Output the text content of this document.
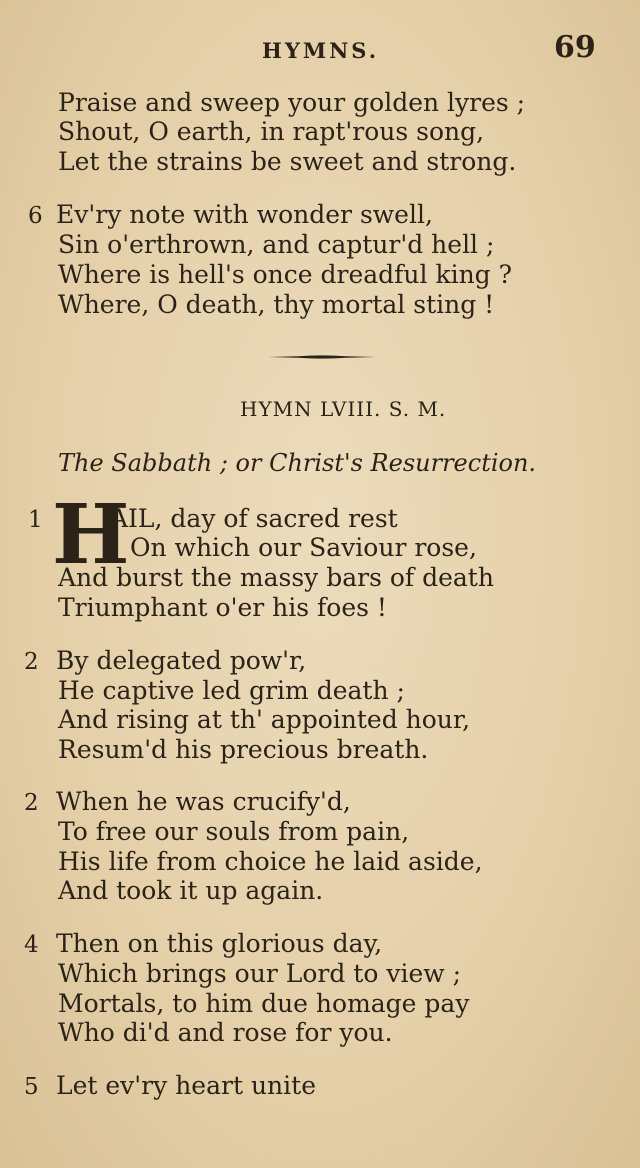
HYMNS.	69
Praise and sweep your golden lyres ;
Shout, O earth, in rapt'rous song,
Let the strains be sweet and strong.
6 Ev'ry note with wonder swell,
Sin o'erthrown, and captur'd hell ;
Where is hell's once dreadful king ?
Where, O death, thy mortal sting !
HYMN LVIII. S. M.
The Sabbath ; or Christ's Resurrection.
1 H
AIL, day of sacred rest
On which our Saviour rose,
And burst the massy bars of death
Triumphant o'er his foes !
2 By delegated pow'r,
He captive led grim death ;
And rising at th' appointed hour,
Resum'd his precious breath.
2 When he was crucify'd,
To free our souls from pain,
His life from choice he laid aside,
And took it up again.
4 Then on this glorious day,
Which brings our Lord to view ;
Mortals, to him due homage pay
Who di'd and rose for you.
5 Let ev'ry heart unite
